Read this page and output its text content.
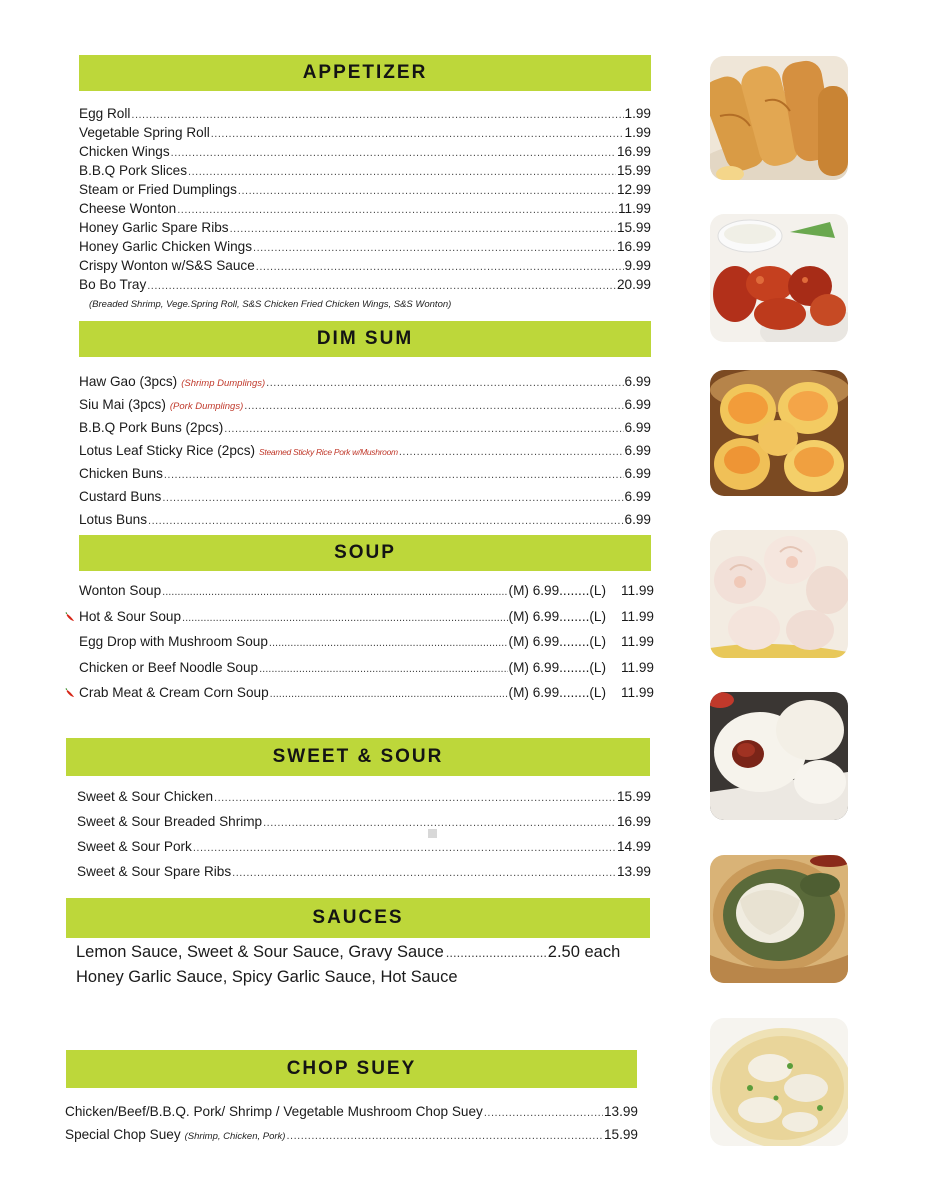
APPETIZER
Egg Roll .....	1.99
Vegetable Spring Roll .....	1.99
Chicken Wings .....	16.99
B.B.Q Pork Slices .....	15.99
Steam or Fried Dumplings .....	12.99
Cheese Wonton .....	11.99
Honey Garlic Spare Ribs .....	15.99
Honey Garlic Chicken Wings .....	16.99
Crispy Wonton w/S&S Sauce .....	9.99
Bo Bo Tray .....	20.99
(Breaded Shrimp, Vege.Spring Roll, S&S Chicken Fried Chicken Wings, S&S Wonton)
DIM SUM
Haw Gao (3pcs) (Shrimp Dumplings) .....	6.99
Siu Mai (3pcs) (Pork Dumplings) .....	6.99
B.B.Q Pork Buns (2pcs) .....	6.99
Lotus Leaf Sticky Rice (2pcs) Steamed Sticky Rice Pork w/Mushroom .....	6.99
Chicken Buns .....	6.99
Custard Buns .....	6.99
Lotus Buns .....	6.99
SOUP
Wonton Soup .....	(M) 6.99........(L)	11.99
Hot & Sour Soup .....	(M) 6.99........(L)	11.99
Egg Drop with Mushroom Soup .....	(M) 6.99........(L)	11.99
Chicken or Beef Noodle Soup .....	(M) 6.99........(L)	11.99
Crab Meat & Cream Corn Soup .....	(M) 6.99........(L)	11.99
SWEET & SOUR
Sweet & Sour Chicken .....	15.99
Sweet & Sour Breaded Shrimp .....	16.99
Sweet & Sour Pork .....	14.99
Sweet & Sour Spare Ribs .....	13.99
SAUCES
Lemon Sauce, Sweet & Sour Sauce, Gravy Sauce .....	2.50 each
Honey Garlic Sauce, Spicy Garlic Sauce, Hot Sauce
CHOP SUEY
Chicken/Beef/B.B.Q. Pork/ Shrimp / Vegetable Mushroom Chop Suey .....	13.99
Special Chop Suey (Shrimp, Chicken, Pork) .....	15.99
